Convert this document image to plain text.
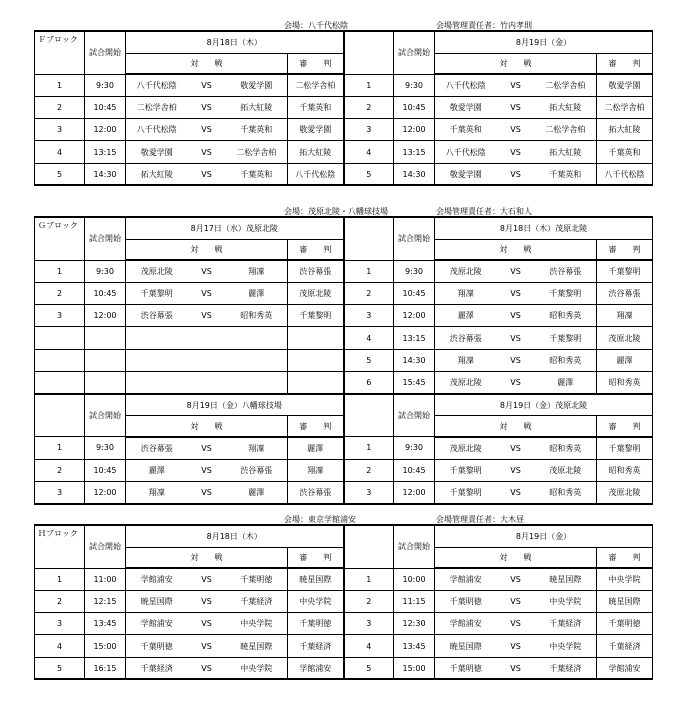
会場：八千代松陰	会場管理責任者：竹内孝則
Ｆブロック	試合開始	8月18日（木）					試合開始	8月19日（金）			
		対　　戦			審　　判			対　　戦			審　　判
1	9:30	八千代松陰	VS	敬愛学園	二松学舎柏	1	9:30	八千代松陰	VS	二松学舎柏	敬愛学園
2	10:45	二松学舎柏	VS	拓大紅陵	千葉英和	2	10:45	敬愛学園	VS	拓大紅陵	二松学舎柏
3	12:00	八千代松陰	VS	千葉英和	敬愛学園	3	12:00	千葉英和	VS	二松学舎柏	拓大紅陵
4	13:15	敬愛学園	VS	二松学舎柏	拓大紅陵	4	13:15	八千代松陰	VS	拓大紅陵	千葉英和
5	14:30	拓大紅陵	VS	千葉英和	八千代松陰	5	14:30	敬愛学園	VS	千葉英和	八千代松陰
会場：茂原北陵・八幡球技場	会場管理責任者：大石和人
Ｇブロック	試合開始	8月17日（水）茂原北陵					試合開始	8月18日（木）茂原北陵			
		対　　戦			審　　判			対　　戦			審　　判
1	9:30	茂原北陵	VS	翔凜	渋谷幕張	1	9:30	茂原北陵	VS	渋谷幕張	千葉黎明
2	10:45	千葉黎明	VS	麗澤	茂原北陵	2	10:45	翔凜	VS	千葉黎明	渋谷幕張
3	12:00	渋谷幕張	VS	昭和秀英	千葉黎明	3	12:00	麗澤	VS	昭和秀英	翔凜
						4	13:15	渋谷幕張	VS	千葉黎明	茂原北陵
						5	14:30	翔凜	VS	昭和秀英	麗澤
						6	15:45	茂原北陵	VS	麗澤	昭和秀英
	試合開始	8月19日（金）八幡球技場					試合開始	8月19日（金）茂原北陵			
		対　　戦			審　　判			対　　戦			審　　判
1	9:30	渋谷幕張	VS	翔凜	麗澤	1	9:30	茂原北陵	VS	昭和秀英	千葉黎明
2	10:45	麗澤	VS	渋谷幕張	翔凜	2	10:45	千葉黎明	VS	茂原北陵	昭和秀英
3	12:00	翔凜	VS	麗澤	渋谷幕張	3	12:00	千葉黎明	VS	昭和秀英	茂原北陵
会場：東京学館浦安	会場管理責任者：大木昼
Ｈブロック	試合開始	8月18日（木）					試合開始	8月19日（金）			
		対　　戦			審　　判			対　　戦			審　　判
1	11:00	学館浦安	VS	千葉明徳	暁星国際	1	10:00	学館浦安	VS	暁星国際	中央学院
2	12:15	暁星国際	VS	千葉経済	中央学院	2	11:15	千葉明徳	VS	中央学院	暁星国際
3	13:45	学館浦安	VS	中央学院	千葉明徳	3	12:30	学館浦安	VS	千葉経済	千葉明徳
4	15:00	千葉明徳	VS	暁星国際	千葉経済	4	13:45	暁星国際	VS	中央学院	千葉経済
5	16:15	千葉経済	VS	中央学院	学館浦安	5	15:00	千葉明徳	VS	千葉経済	学館浦安
